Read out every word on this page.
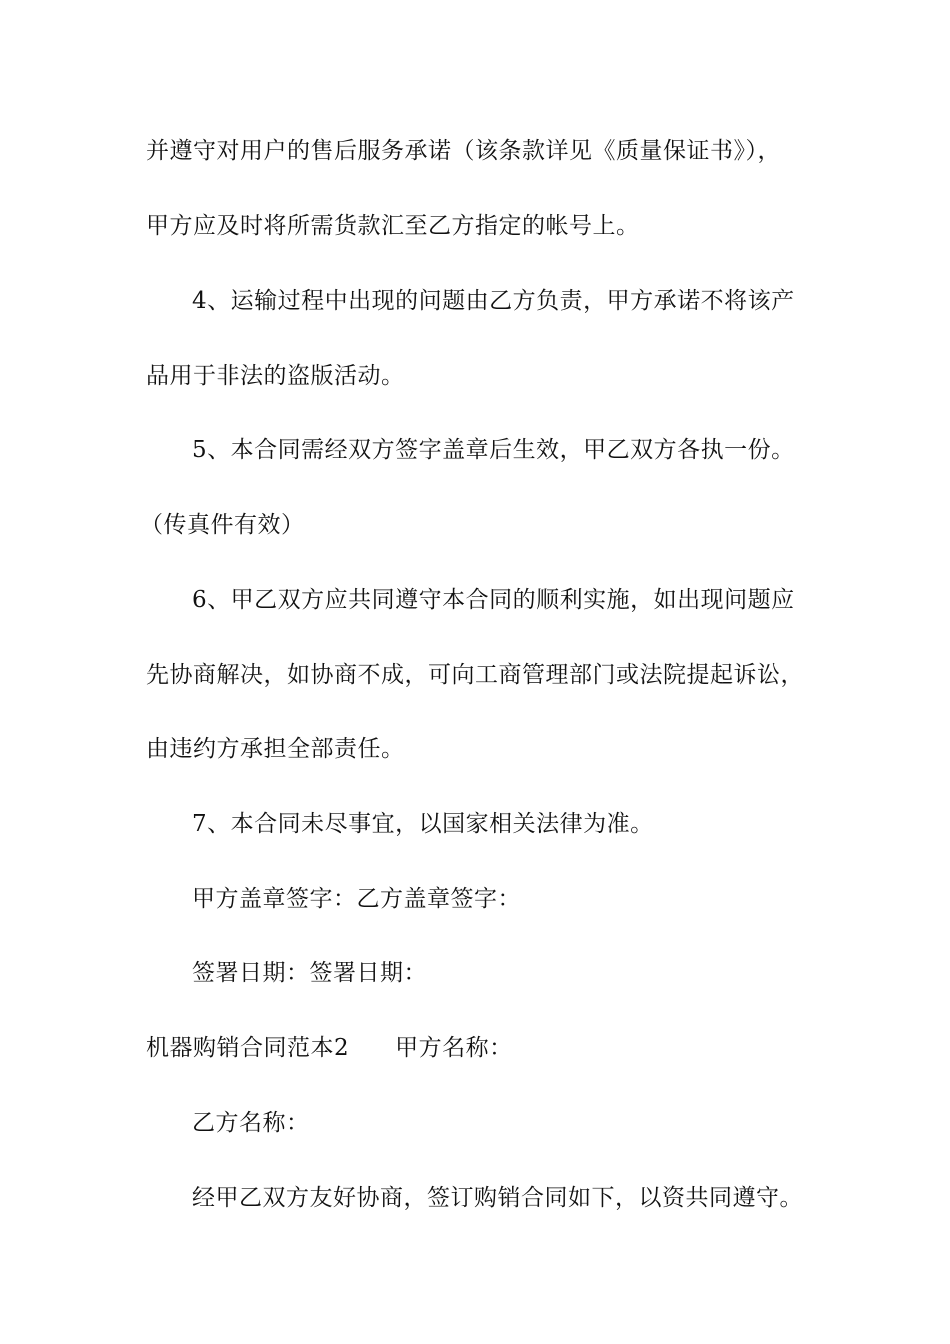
并遵守对用户的售后服务承诺（该条款详见《质量保证书》），
甲方应及时将所需货款汇至乙方指定的帐号上。
4、运输过程中出现的问题由乙方负责，甲方承诺不将该产
品用于非法的盗版活动。
5、本合同需经双方签字盖章后生效，甲乙双方各执一份。
（传真件有效）
6、甲乙双方应共同遵守本合同的顺利实施，如出现问题应
先协商解决，如协商不成，可向工商管理部门或法院提起诉讼，
由违约方承担全部责任。
7、本合同未尽事宜，以国家相关法律为准。
甲方盖章签字：乙方盖章签字：
签署日期：签署日期：
机器购销合同范本2 甲方名称：
乙方名称：
经甲乙双方友好协商，签订购销合同如下，以资共同遵守。
